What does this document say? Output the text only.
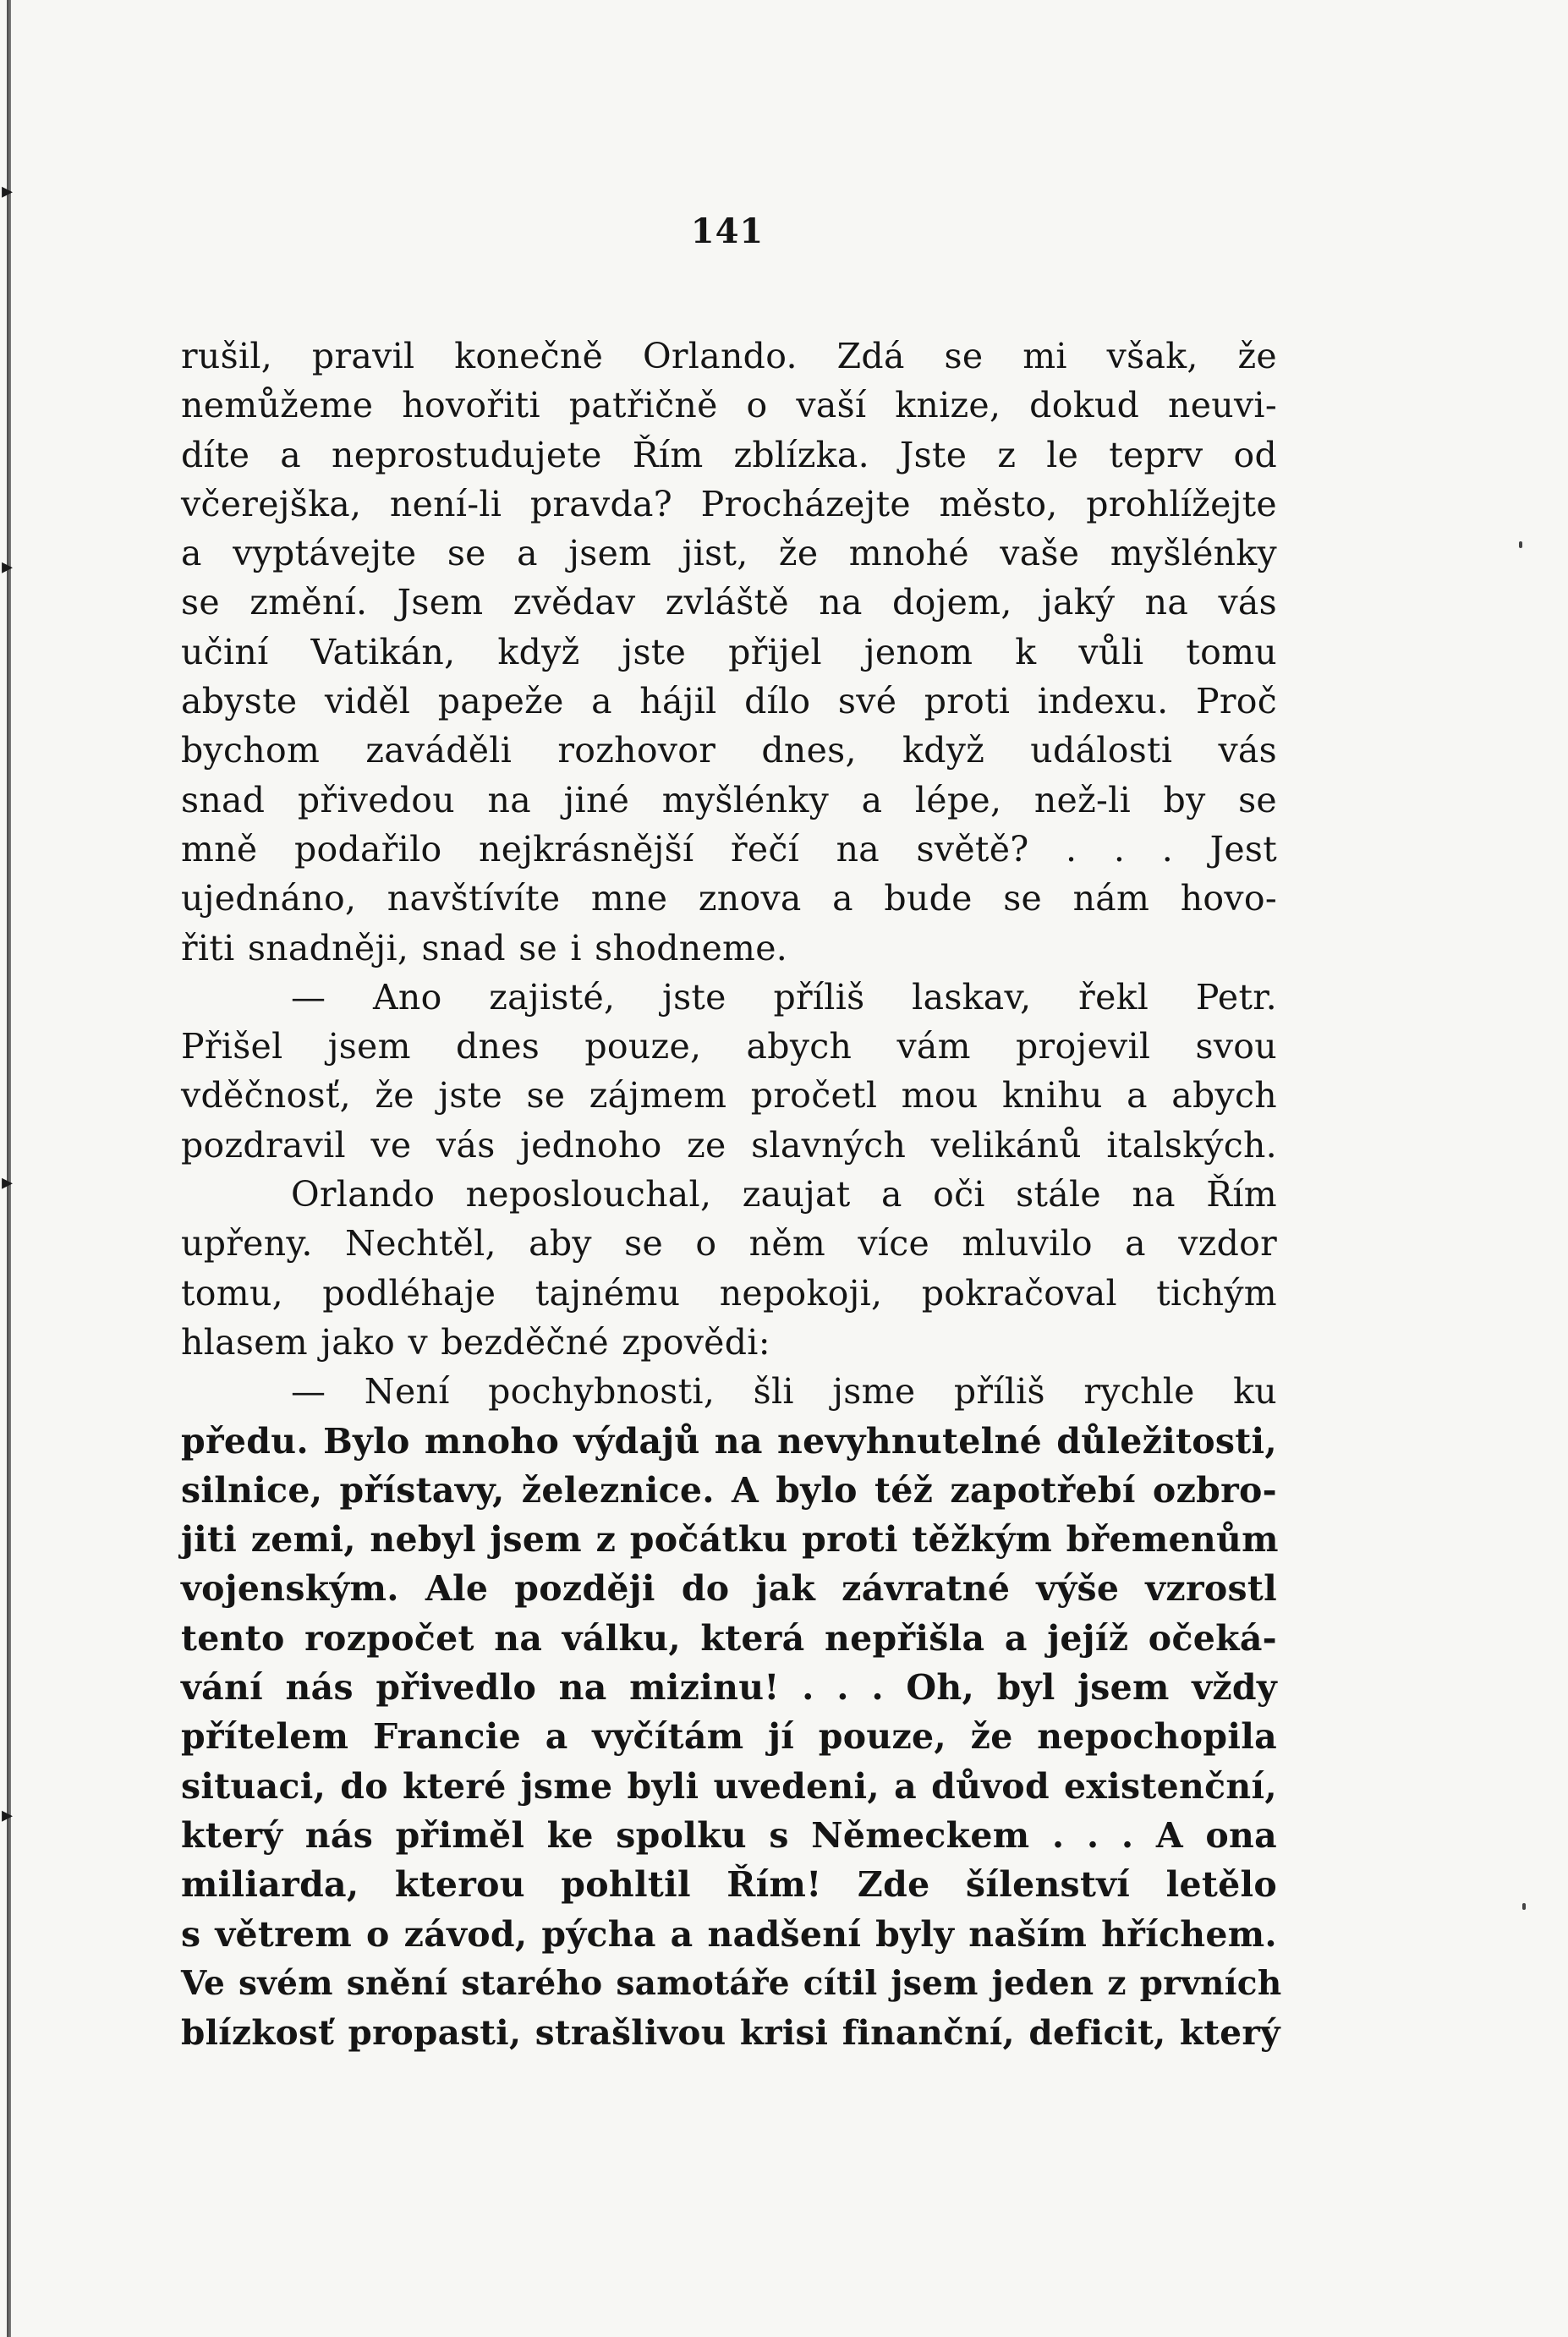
▸
▸
▸
▸
141
rušil, pravil konečně Orlando. Zdá se mi však, že
nemůžeme hovořiti patřičně o vaší knize, dokud neuvi-
díte a neprostudujete Řím zblízka. Jste z le teprv od
včerejška, není-li pravda? Procházejte město, prohlížejte
a vyptávejte se a jsem jist, že mnohé vaše myšlénky
se změní. Jsem zvědav zvláště na dojem, jaký na vás
učiní Vatikán, když jste přijel jenom k vůli tomu
abyste viděl papeže a hájil dílo své proti indexu. Proč
bychom zaváděli rozhovor dnes, když události vás
snad přivedou na jiné myšlénky a lépe, než-li by se
mně podařilo nejkrásnější řečí na světě? . . . Jest
ujednáno, navštívíte mne znova a bude se nám hovo-
řiti snadněji, snad se i shodneme.
— Ano zajisté, jste příliš laskav, řekl Petr.
Přišel jsem dnes pouze, abych vám projevil svou
vděčnosť, že jste se zájmem pročetl mou knihu a abych
pozdravil ve vás jednoho ze slavných velikánů italských.
Orlando neposlouchal, zaujat a oči stále na Řím
upřeny. Nechtěl, aby se o něm více mluvilo a vzdor
tomu, podléhaje tajnému nepokoji, pokračoval tichým
hlasem jako v bezděčné zpovědi:
— Není pochybnosti, šli jsme příliš rychle ku
předu. Bylo mnoho výdajů na nevyhnutelné důležitosti,
silnice, přístavy, železnice. A bylo též zapotřebí ozbro-
jiti zemi, nebyl jsem z počátku proti těžkým břemenům
vojenským. Ale později do jak závratné výše vzrostl
tento rozpočet na válku, která nepřišla a jejíž očeká-
vání nás přivedlo na mizinu! . . . Oh, byl jsem vždy
přítelem Francie a vyčítám jí pouze, že nepochopila
situaci, do které jsme byli uvedeni, a důvod existenční,
který nás přiměl ke spolku s Německem . . . A ona
miliarda, kterou pohltil Řím! Zde šílenství letělo
s větrem o závod, pýcha a nadšení byly naším hříchem.
Ve svém snění starého samotáře cítil jsem jeden z prvních
blízkosť propasti, strašlivou krisi finanční, deficit, který
